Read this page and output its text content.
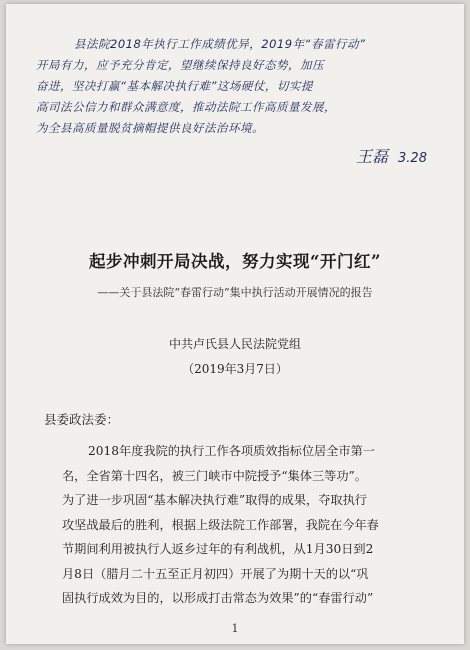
县法院2018年执行工作成绩优异，2019年“春雷行动”
开局有力，应予充分肯定，望继续保持良好态势，加压
奋进，坚决打赢“基本解决执行难”这场硬仗，切实提
高司法公信力和群众满意度，推动法院工作高质量发展，
为全县高质量脱贫摘帽提供良好法治环境。
王磊 3.28
起步冲刺开局决战，努力实现“开门红”
——关于县法院“春雷行动”集中执行活动开展情况的报告
中共卢氏县人民法院党组
（2019年3月7日）
县委政法委：
2018年度我院的执行工作各项质效指标位居全市第一
名，全省第十四名，被三门峡市中院授予“集体三等功”。
为了进一步巩固“基本解决执行难”取得的成果，夺取执行
攻坚战最后的胜利，根据上级法院工作部署，我院在今年春
节期间利用被执行人返乡过年的有利战机，从1月30日到2
月8日（腊月二十五至正月初四）开展了为期十天的以“巩
固执行成效为目的，以形成打击常态为效果”的“春雷行动”
1
